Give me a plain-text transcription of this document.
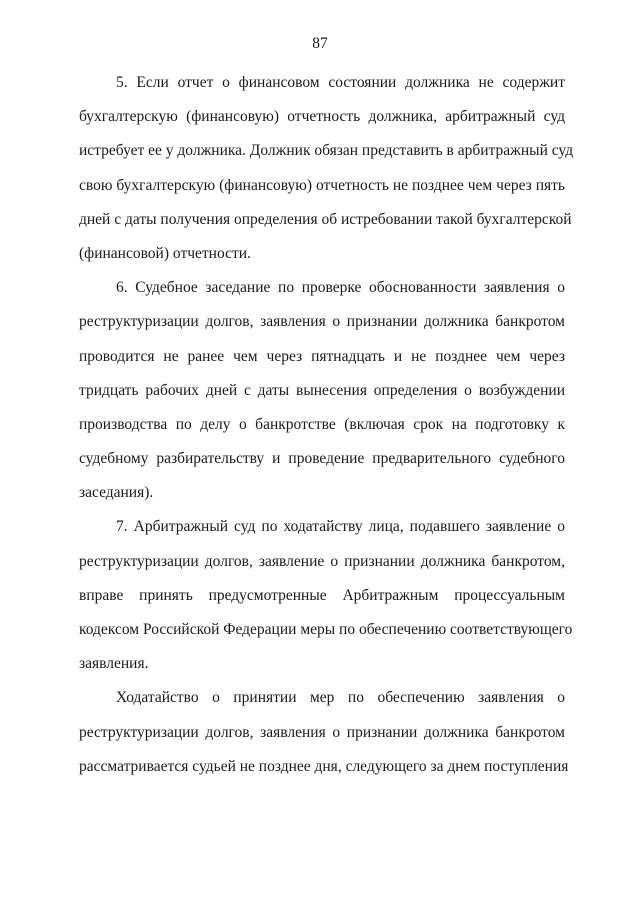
87

5. Если отчет о финансовом состоянии должника не содержит
бухгалтерскую (финансовую) отчетность должника, арбитражный суд
истребует ее у должника. Должник обязан представить в арбитражный суд
свою бухгалтерскую (финансовую) отчетность не позднее чем через пять
дней с даты получения определения об истребовании такой бухгалтерской
(финансовой) отчетности.

6. Судебное заседание по проверке обоснованности заявления о
реструктуризации долгов, заявления о признании должника банкротом
проводится не ранее чем через пятнадцать и не позднее чем через
тридцать рабочих дней с даты вынесения определения о возбуждении
производства по делу о банкротстве (включая срок на подготовку к
судебному разбирательству и проведение предварительного судебного
заседания).

7. Арбитражный суд по ходатайству лица, подавшего заявление о
реструктуризации долгов, заявление о признании должника банкротом,
вправе принять предусмотренные Арбитражным процессуальным
кодексом Российской Федерации меры по обеспечению соответствующего
заявления.

Ходатайство о принятии мер по обеспечению заявления о
реструктуризации долгов, заявления о признании должника банкротом
рассматривается судьей не позднее дня, следующего за днем поступления
